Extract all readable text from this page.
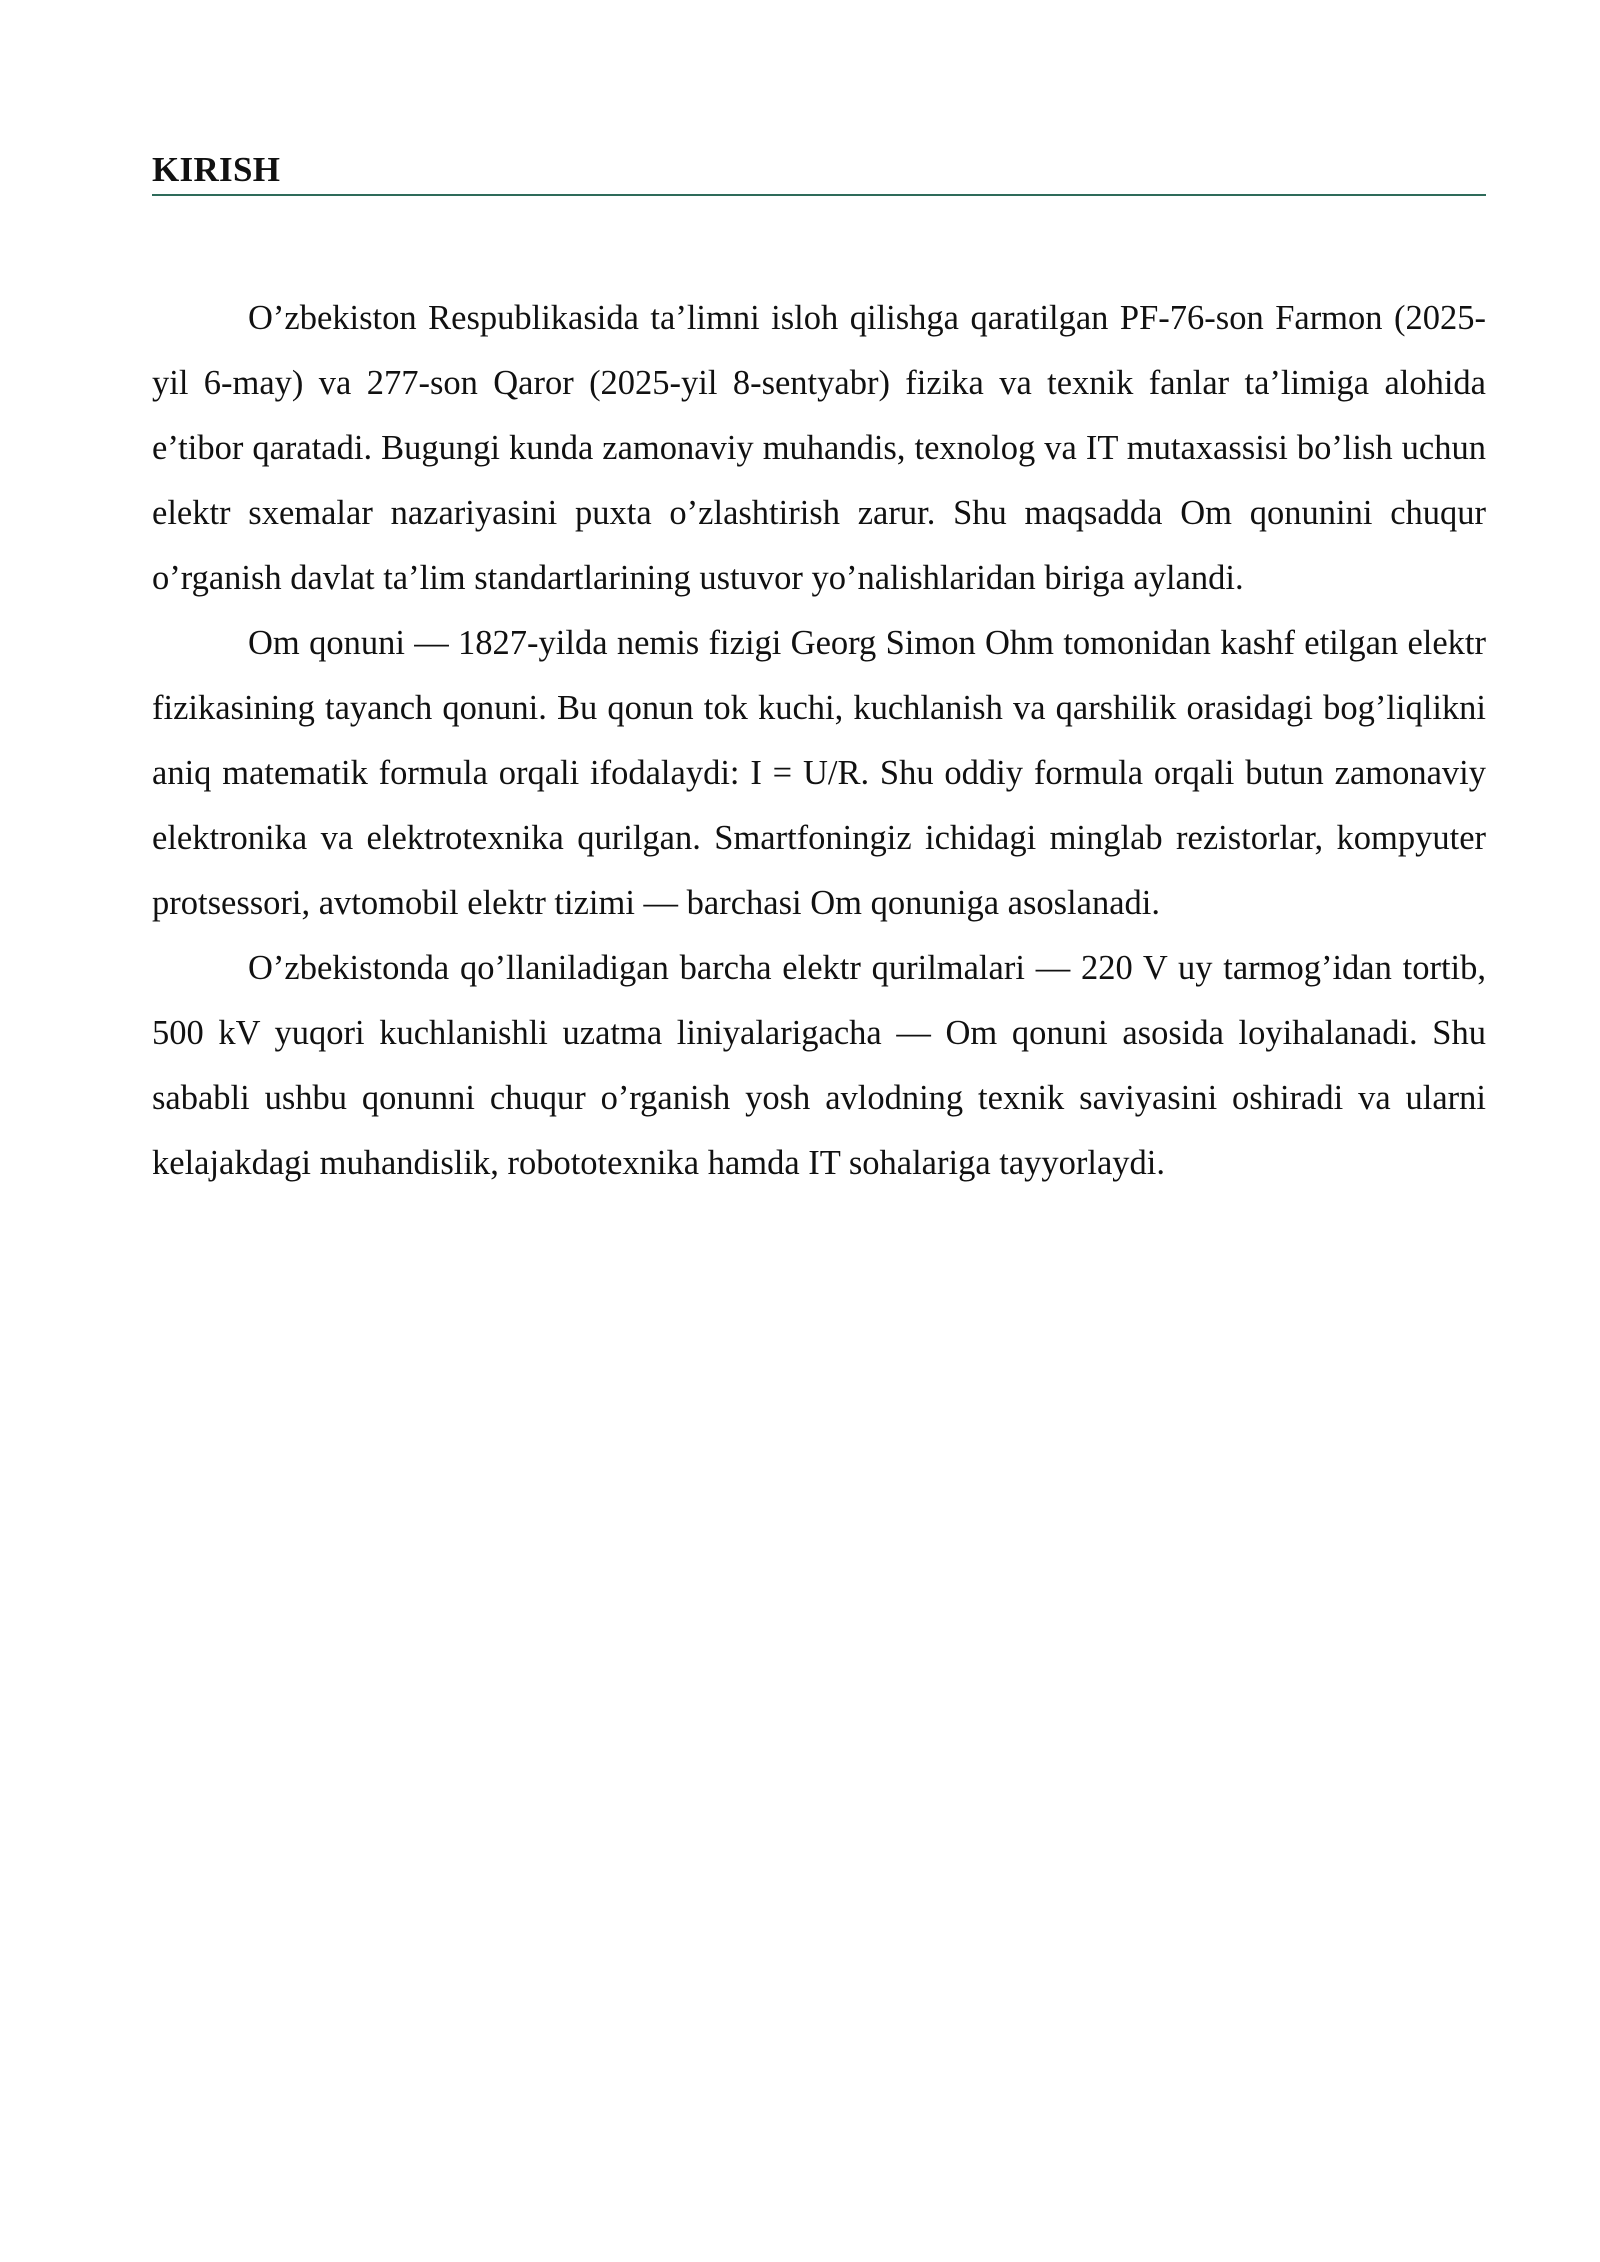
KIRISH

O’zbekiston Respublikasida ta’limni isloh qilishga qaratilgan PF-76-son Farmon (2025-yil 6-may) va 277-son Qaror (2025-yil 8-sentyabr) fizika va texnik fanlar ta’limiga alohida e’tibor qaratadi. Bugungi kunda zamonaviy muhandis, texnolog va IT mutaxassisi bo’lish uchun elektr sxemalar nazariyasini puxta o’zlashtirish zarur. Shu maqsadda Om qonunini chuqur o’rganish davlat ta’lim standartlarining ustuvor yo’nalishlaridan biriga aylandi.

Om qonuni — 1827-yilda nemis fizigi Georg Simon Ohm tomonidan kashf etilgan elektr fizikasining tayanch qonuni. Bu qonun tok kuchi, kuchlanish va qarshilik orasidagi bog’liqlikni aniq matematik formula orqali ifodalaydi: I = U/R. Shu oddiy formula orqali butun zamonaviy elektronika va elektrotexnika qurilgan. Smartfoningiz ichidagi minglab rezistorlar, kompyuter protsessori, avtomobil elektr tizimi — barchasi Om qonuniga asoslanadi.

O’zbekistonda qo’llaniladigan barcha elektr qurilmalari — 220 V uy tarmog’idan tortib, 500 kV yuqori kuchlanishli uzatma liniyalarigacha — Om qonuni asosida loyihalanadi. Shu sababli ushbu qonunni chuqur o’rganish yosh avlodning texnik saviyasini oshiradi va ularni kelajakdagi muhandislik, robototexnika hamda IT sohalariga tayyorlaydi.
